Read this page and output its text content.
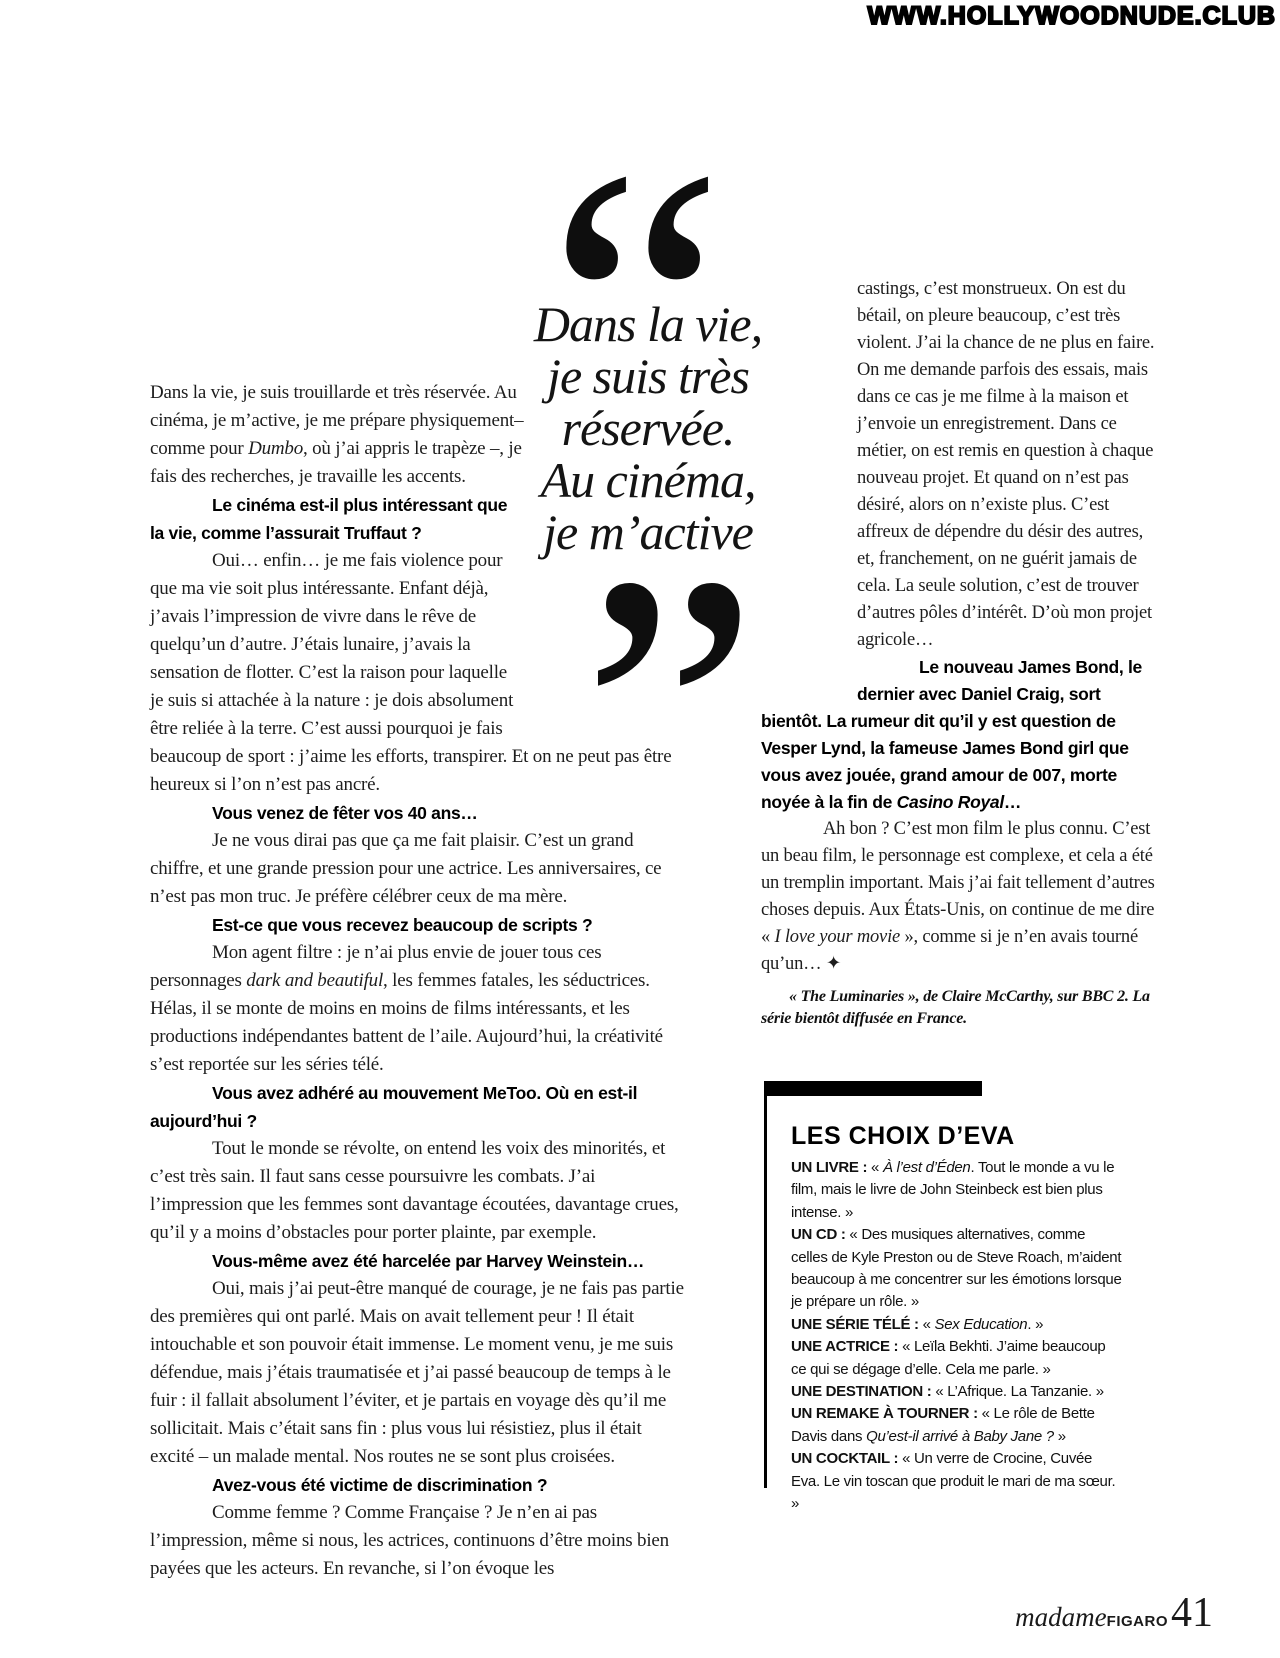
WWW.HOLLYWOODNUDE.CLUB
Dans la vie,
je suis très
réservée.
Au cinéma,
je m’active

Dans la vie, je suis trouillarde et très réservée. Au cinéma, je m’active, je me prépare physiquement– comme pour Dumbo, où j’ai appris le trapèze –, je fais des recherches, je travaille les accents.

Le cinéma est-il plus intéressant que la vie, comme l’assurait Truffaut ?

Oui… enfin… je me fais violence pour que ma vie soit plus intéressante. Enfant déjà, j’avais l’impression de vivre dans le rêve de quelqu’un d’autre. J’étais lunaire, j’avais la sensation de flotter. C’est la raison pour laquelle je suis si attachée à la nature : je dois absolument être reliée à la terre. C’est aussi pourquoi je fais beaucoup de sport : j’aime les efforts, transpirer. Et on ne peut pas être heureux si l’on n’est pas ancré.

Vous venez de fêter vos 40 ans…

Je ne vous dirai pas que ça me fait plaisir. C’est un grand chiffre, et une grande pression pour une actrice. Les anniversaires, ce n’est pas mon truc. Je préfère célébrer ceux de ma mère.

Est-ce que vous recevez beaucoup de scripts ?

Mon agent filtre : je n’ai plus envie de jouer tous ces personnages dark and beautiful, les femmes fatales, les séductrices. Hélas, il se monte de moins en moins de films intéressants, et les productions indépendantes battent de l’aile. Aujourd’hui, la créativité s’est reportée sur les séries télé.

Vous avez adhéré au mouvement MeToo. Où en est-il aujourd’hui ?

Tout le monde se révolte, on entend les voix des minorités, et c’est très sain. Il faut sans cesse poursuivre les combats. J’ai l’impression que les femmes sont davantage écoutées, davantage crues, qu’il y a moins d’obstacles pour porter plainte, par exemple.

Vous-même avez été harcelée par Harvey Weinstein…

Oui, mais j’ai peut-être manqué de courage, je ne fais pas partie des premières qui ont parlé. Mais on avait tellement peur ! Il était intouchable et son pouvoir était immense. Le moment venu, je me suis défendue, mais j’étais traumatisée et j’ai passé beaucoup de temps à le fuir : il fallait absolument l’éviter, et je partais en voyage dès qu’il me sollicitait. Mais c’était sans fin : plus vous lui résistiez, plus il était excité – un malade mental. Nos routes ne se sont plus croisées.

Avez-vous été victime de discrimination ?

Comme femme ? Comme Française ? Je n’en ai pas l’impression, même si nous, les actrices, continuons d’être moins bien payées que les acteurs. En revanche, si l’on évoque les

castings, c’est monstrueux. On est du bétail, on pleure beaucoup, c’est très violent. J’ai la chance de ne plus en faire. On me demande parfois des essais, mais dans ce cas je me filme à la maison et j’envoie un enregistrement. Dans ce métier, on est remis en question à chaque nouveau projet. Et quand on n’est pas désiré, alors on n’existe plus. C’est affreux de dépendre du désir des autres, et, franchement, on ne guérit jamais de cela. La seule solution, c’est de trouver d’autres pôles d’intérêt. D’où mon projet agricole…

Le nouveau James Bond, le dernier avec Daniel Craig, sort bientôt. La rumeur dit qu’il y est question de Vesper Lynd, la fameuse James Bond girl que vous avez jouée, grand amour de 007, morte noyée à la fin de Casino Royal…

Ah bon ? C’est mon film le plus connu. C’est un beau film, le personnage est complexe, et cela a été un tremplin important. Mais j’ai fait tellement d’autres choses depuis. Aux États-Unis, on continue de me dire « I love your movie », comme si je n’en avais tourné qu’un… ✦

« The Luminaries », de Claire McCarthy, sur BBC 2. La série bientôt diffusée en France.

LES CHOIX D’EVA

UN LIVRE : « À l’est d’Éden. Tout le monde a vu le film, mais le livre de John Steinbeck est bien plus intense. »

UN CD : « Des musiques alternatives, comme celles de Kyle Preston ou de Steve Roach, m’aident beaucoup à me concentrer sur les émotions lorsque je prépare un rôle. »

UNE SÉRIE TÉLÉ : « Sex Education. »

UNE ACTRICE : « Leïla Bekhti. J’aime beaucoup ce qui se dégage d’elle. Cela me parle. »

UNE DESTINATION : « L’Afrique. La Tanzanie. »

UN REMAKE À TOURNER : « Le rôle de Bette Davis dans Qu’est-il arrivé à Baby Jane ? »

UN COCKTAIL : « Un verre de Crocine, Cuvée Eva. Le vin toscan que produit le mari de ma sœur. »

madame FIGARO 41
